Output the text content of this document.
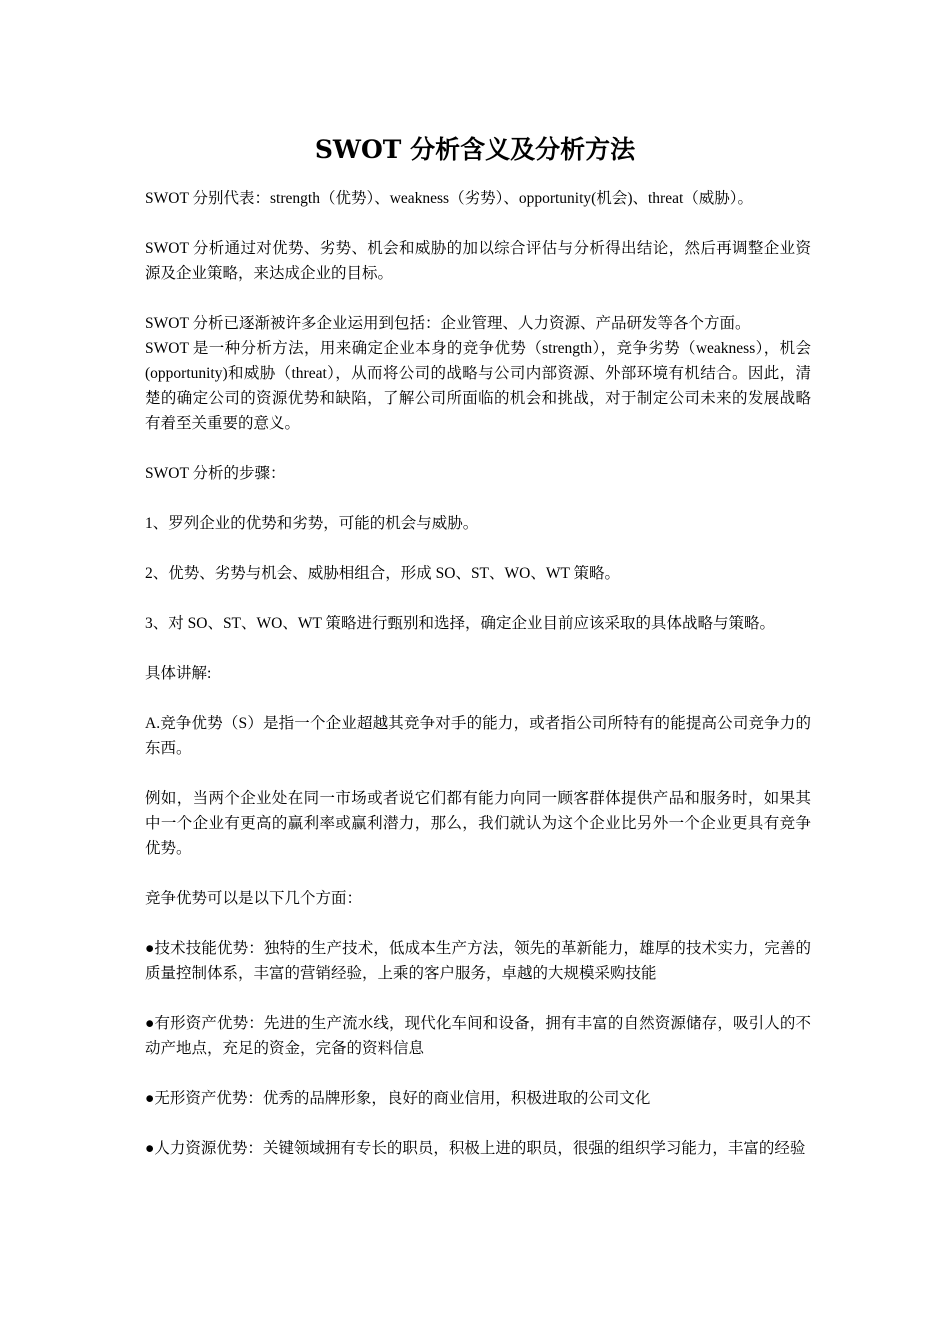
SWOT 分析含义及分析方法

SWOT 分别代表：strength（优势）、weakness（劣势）、opportunity(机会)、threat（威胁）。

SWOT 分析通过对优势、劣势、机会和威胁的加以综合评估与分析得出结论，然后再调整企业资源及企业策略，来达成企业的目标。

SWOT 分析已逐渐被许多企业运用到包括：企业管理、人力资源、产品研发等各个方面。

SWOT 是一种分析方法，用来确定企业本身的竞争优势（strength），竞争劣势（weakness），机会(opportunity)和威胁（threat），从而将公司的战略与公司内部资源、外部环境有机结合。因此，清楚的确定公司的资源优势和缺陷，了解公司所面临的机会和挑战，对于制定公司未来的发展战略有着至关重要的意义。

SWOT 分析的步骤：

1、罗列企业的优势和劣势，可能的机会与威胁。

2、优势、劣势与机会、威胁相组合，形成 SO、ST、WO、WT 策略。

3、对 SO、ST、WO、WT 策略进行甄别和选择，确定企业目前应该采取的具体战略与策略。

具体讲解:

A.竞争优势（S）是指一个企业超越其竞争对手的能力，或者指公司所特有的能提高公司竞争力的东西。

例如，当两个企业处在同一市场或者说它们都有能力向同一顾客群体提供产品和服务时，如果其中一个企业有更高的赢利率或赢利潜力，那么，我们就认为这个企业比另外一个企业更具有竞争优势。

竞争优势可以是以下几个方面：

●技术技能优势：独特的生产技术，低成本生产方法，领先的革新能力，雄厚的技术实力，完善的质量控制体系，丰富的营销经验，上乘的客户服务，卓越的大规模采购技能

●有形资产优势：先进的生产流水线，现代化车间和设备，拥有丰富的自然资源储存，吸引人的不动产地点，充足的资金，完备的资料信息

●无形资产优势：优秀的品牌形象，良好的商业信用，积极进取的公司文化

●人力资源优势：关键领域拥有专长的职员，积极上进的职员，很强的组织学习能力，丰富的经验
